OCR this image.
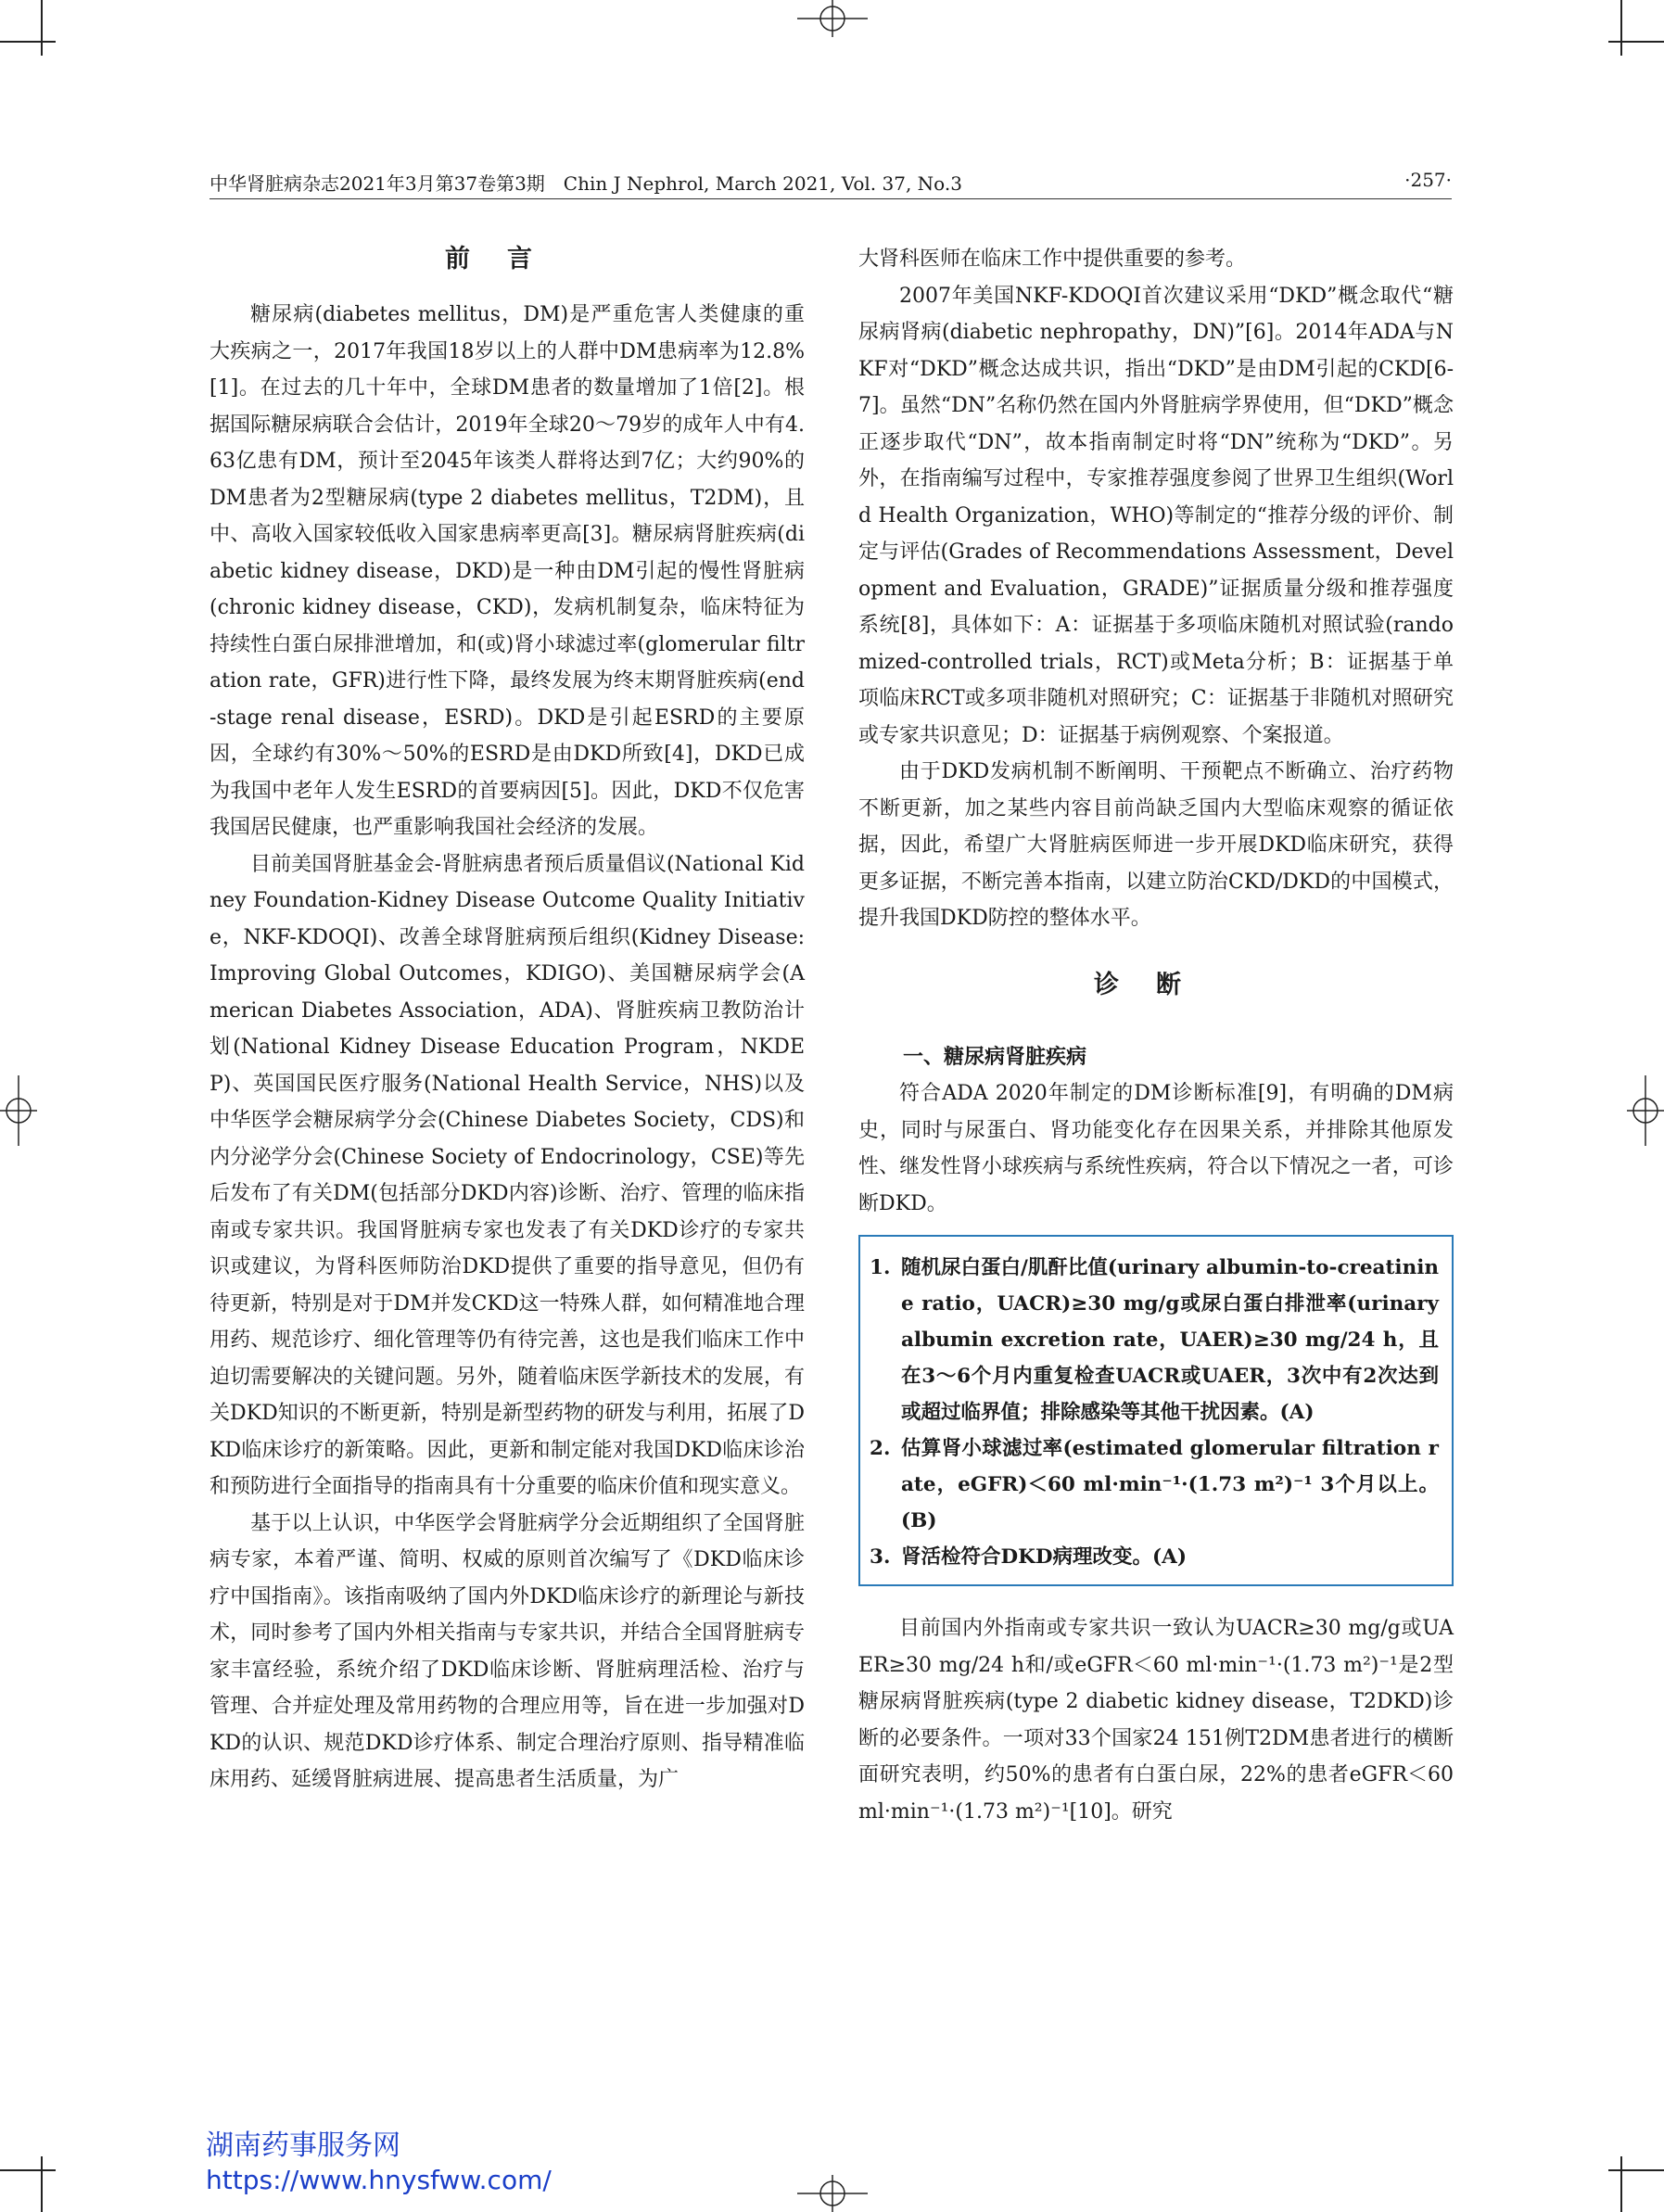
中华肾脏病杂志2021年3月第37卷第3期　Chin J Nephrol, March 2021, Vol. 37, No.3	·257·
前言

糖尿病(diabetes mellitus，DM)是严重危害人类健康的重大疾病之一，2017年我国18岁以上的人群中DM患病率为12.8%[1]。在过去的几十年中，全球DM患者的数量增加了1倍[2]。根据国际糖尿病联合会估计，2019年全球20～79岁的成年人中有4.63亿患有DM，预计至2045年该类人群将达到7亿；大约90%的DM患者为2型糖尿病(type 2 diabetes mellitus，T2DM)，且中、高收入国家较低收入国家患病率更高[3]。糖尿病肾脏疾病(diabetic kidney disease，DKD)是一种由DM引起的慢性肾脏病(chronic kidney disease，CKD)，发病机制复杂，临床特征为持续性白蛋白尿排泄增加，和(或)肾小球滤过率(glomerular filtration rate，GFR)进行性下降，最终发展为终末期肾脏疾病(end-stage renal disease，ESRD)。DKD是引起ESRD的主要原因，全球约有30%～50%的ESRD是由DKD所致[4]，DKD已成为我国中老年人发生ESRD的首要病因[5]。因此，DKD不仅危害我国居民健康，也严重影响我国社会经济的发展。

目前美国肾脏基金会-肾脏病患者预后质量倡议(National Kidney Foundation-Kidney Disease Outcome Quality Initiative，NKF-KDOQI)、改善全球肾脏病预后组织(Kidney Disease: Improving Global Outcomes，KDIGO)、美国糖尿病学会(American Diabetes Association，ADA)、肾脏疾病卫教防治计划(National Kidney Disease Education Program，NKDEP)、英国国民医疗服务(National Health Service，NHS)以及中华医学会糖尿病学分会(Chinese Diabetes Society，CDS)和内分泌学分会(Chinese Society of Endocrinology，CSE)等先后发布了有关DM(包括部分DKD内容)诊断、治疗、管理的临床指南或专家共识。我国肾脏病专家也发表了有关DKD诊疗的专家共识或建议，为肾科医师防治DKD提供了重要的指导意见，但仍有待更新，特别是对于DM并发CKD这一特殊人群，如何精准地合理用药、规范诊疗、细化管理等仍有待完善，这也是我们临床工作中迫切需要解决的关键问题。另外，随着临床医学新技术的发展，有关DKD知识的不断更新，特别是新型药物的研发与利用，拓展了DKD临床诊疗的新策略。因此，更新和制定能对我国DKD临床诊治和预防进行全面指导的指南具有十分重要的临床价值和现实意义。

基于以上认识，中华医学会肾脏病学分会近期组织了全国肾脏病专家，本着严谨、简明、权威的原则首次编写了《DKD临床诊疗中国指南》。该指南吸纳了国内外DKD临床诊疗的新理论与新技术，同时参考了国内外相关指南与专家共识，并结合全国肾脏病专家丰富经验，系统介绍了DKD临床诊断、肾脏病理活检、治疗与管理、合并症处理及常用药物的合理应用等，旨在进一步加强对DKD的认识、规范DKD诊疗体系、制定合理治疗原则、指导精准临床用药、延缓肾脏病进展、提高患者生活质量，为广

大肾科医师在临床工作中提供重要的参考。

2007年美国NKF-KDOQI首次建议采用“DKD”概念取代“糖尿病肾病(diabetic nephropathy，DN)”[6]。2014年ADA与NKF对“DKD”概念达成共识，指出“DKD”是由DM引起的CKD[6-7]。虽然“DN”名称仍然在国内外肾脏病学界使用，但“DKD”概念正逐步取代“DN”，故本指南制定时将“DN”统称为“DKD”。另外，在指南编写过程中，专家推荐强度参阅了世界卫生组织(World Health Organization，WHO)等制定的“推荐分级的评价、制定与评估(Grades of Recommendations Assessment，Development and Evaluation，GRADE)”证据质量分级和推荐强度系统[8]，具体如下：A：证据基于多项临床随机对照试验(randomized-controlled trials，RCT)或Meta分析；B：证据基于单项临床RCT或多项非随机对照研究；C：证据基于非随机对照研究或专家共识意见；D：证据基于病例观察、个案报道。

由于DKD发病机制不断阐明、干预靶点不断确立、治疗药物不断更新，加之某些内容目前尚缺乏国内大型临床观察的循证依据，因此，希望广大肾脏病医师进一步开展DKD临床研究，获得更多证据，不断完善本指南，以建立防治CKD/DKD的中国模式，提升我国DKD防控的整体水平。

诊断
一、糖尿病肾脏疾病

符合ADA 2020年制定的DM诊断标准[9]，有明确的DM病史，同时与尿蛋白、肾功能变化存在因果关系，并排除其他原发性、继发性肾小球疾病与系统性疾病，符合以下情况之一者，可诊断DKD。

1. 随机尿白蛋白/肌酐比值(urinary albumin-to-creatinine ratio，UACR)≥30 mg/g或尿白蛋白排泄率(urinary albumin excretion rate，UAER)≥30 mg/24 h，且在3～6个月内重复检查UACR或UAER，3次中有2次达到或超过临界值；排除感染等其他干扰因素。(A)
2. 估算肾小球滤过率(estimated glomerular filtration rate，eGFR)＜60 ml·min⁻¹·(1.73 m²)⁻¹ 3个月以上。(B)
3. 肾活检符合DKD病理改变。(A)

目前国内外指南或专家共识一致认为UACR≥30 mg/g或UAER≥30 mg/24 h和/或eGFR＜60 ml·min⁻¹·(1.73 m²)⁻¹是2型糖尿病肾脏疾病(type 2 diabetic kidney disease，T2DKD)诊断的必要条件。一项对33个国家24 151例T2DM患者进行的横断面研究表明，约50%的患者有白蛋白尿，22%的患者eGFR＜60 ml·min⁻¹·(1.73 m²)⁻¹[10]。研究

湖南药事服务网
https://www.hnysfww.com/
